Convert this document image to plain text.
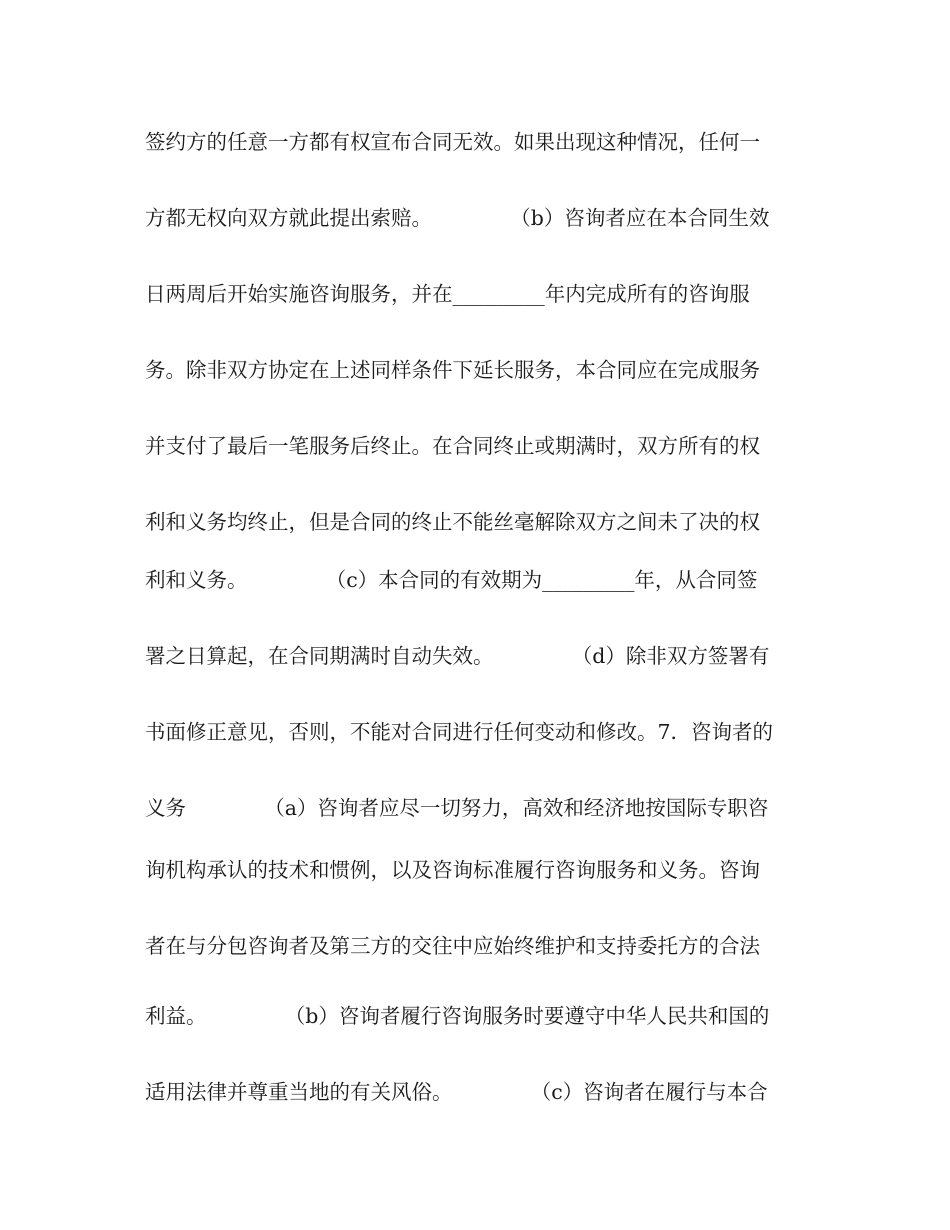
签约方的任意一方都有权宣布合同无效。如果出现这种情况，任何一
方都无权向双方就此提出索赔。            （b）咨询者应在本合同生效
日两周后开始实施咨询服务，并在_________年内完成所有的咨询服
务。除非双方协定在上述同样条件下延长服务，本合同应在完成服务
并支付了最后一笔服务后终止。在合同终止或期满时，双方所有的权
利和义务均终止，但是合同的终止不能丝毫解除双方之间未了决的权
利和义务。            （c）本合同的有效期为_________年，从合同签
署之日算起，在合同期满时自动失效。            （d）除非双方签署有
书面修正意见，否则，不能对合同进行任何变动和修改。7．咨询者的
义务            （a）咨询者应尽一切努力，高效和经济地按国际专职咨
询机构承认的技术和惯例，以及咨询标准履行咨询服务和义务。咨询
者在与分包咨询者及第三方的交往中应始终维护和支持委托方的合法
利益。            （b）咨询者履行咨询服务时要遵守中华人民共和国的
适用法律并尊重当地的有关风俗。            （c）咨询者在履行与本合
